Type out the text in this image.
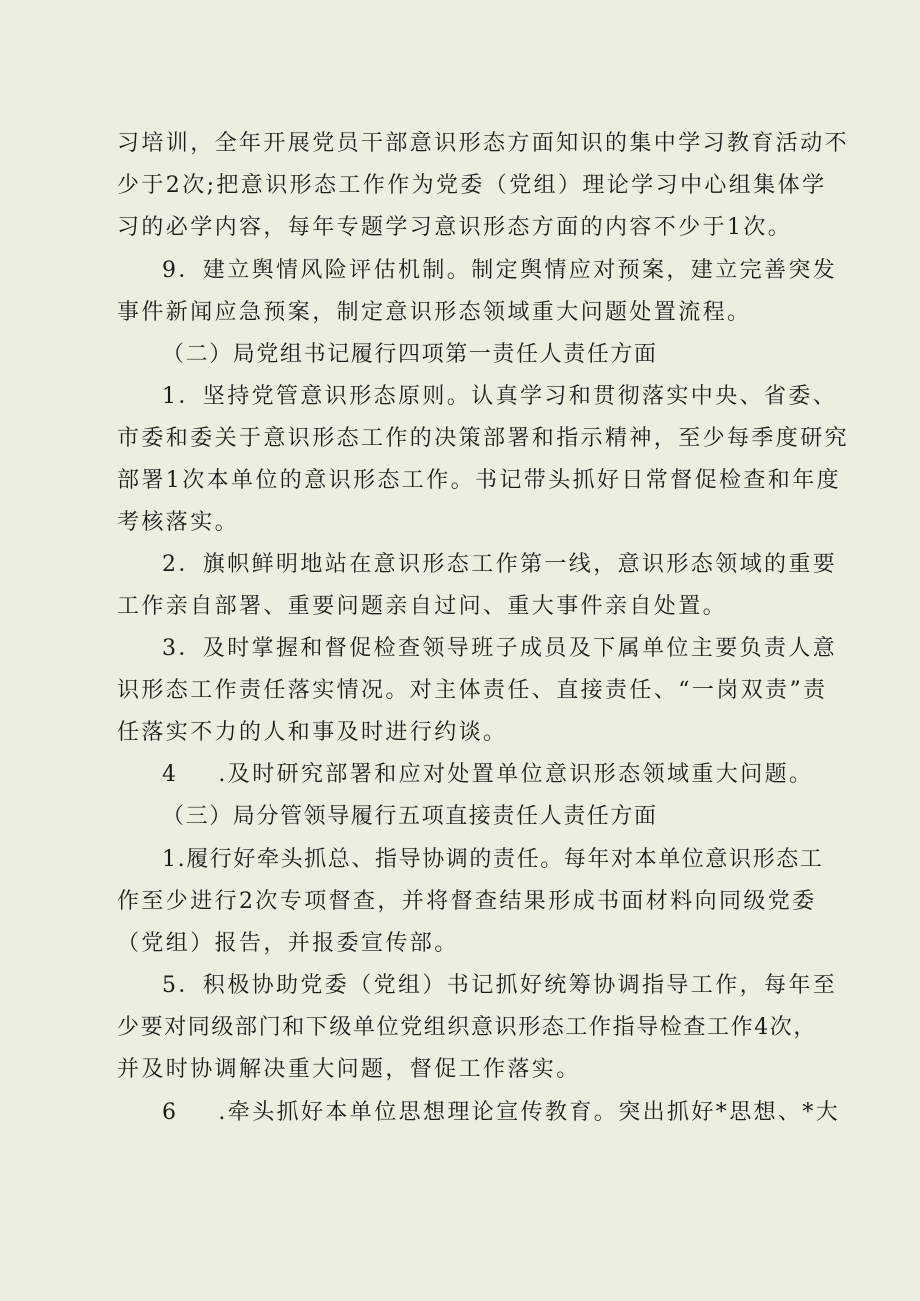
习培训，全年开展党员干部意识形态方面知识的集中学习教育活动不
少于2次;把意识形态工作作为党委（党组）理论学习中心组集体学
习的必学内容，每年专题学习意识形态方面的内容不少于1次。
9．建立舆情风险评估机制。制定舆情应对预案，建立完善突发
事件新闻应急预案，制定意识形态领域重大问题处置流程。
（二）局党组书记履行四项第一责任人责任方面
1．坚持党管意识形态原则。认真学习和贯彻落实中央、省委、
市委和委关于意识形态工作的决策部署和指示精神，至少每季度研究
部署1次本单位的意识形态工作。书记带头抓好日常督促检查和年度
考核落实。
2．旗帜鲜明地站在意识形态工作第一线，意识形态领域的重要
工作亲自部署、重要问题亲自过问、重大事件亲自处置。
3．及时掌握和督促检查领导班子成员及下属单位主要负责人意
识形态工作责任落实情况。对主体责任、直接责任、“一岗双责”责
任落实不力的人和事及时进行约谈。
4 .及时研究部署和应对处置单位意识形态领域重大问题。
（三）局分管领导履行五项直接责任人责任方面
1.履行好牵头抓总、指导协调的责任。每年对本单位意识形态工
作至少进行2次专项督查，并将督查结果形成书面材料向同级党委
（党组）报告，并报委宣传部。
5．积极协助党委（党组）书记抓好统筹协调指导工作，每年至
少要对同级部门和下级单位党组织意识形态工作指导检查工作4次，
并及时协调解决重大问题，督促工作落实。
6 .牵头抓好本单位思想理论宣传教育。突出抓好*思想、*大
